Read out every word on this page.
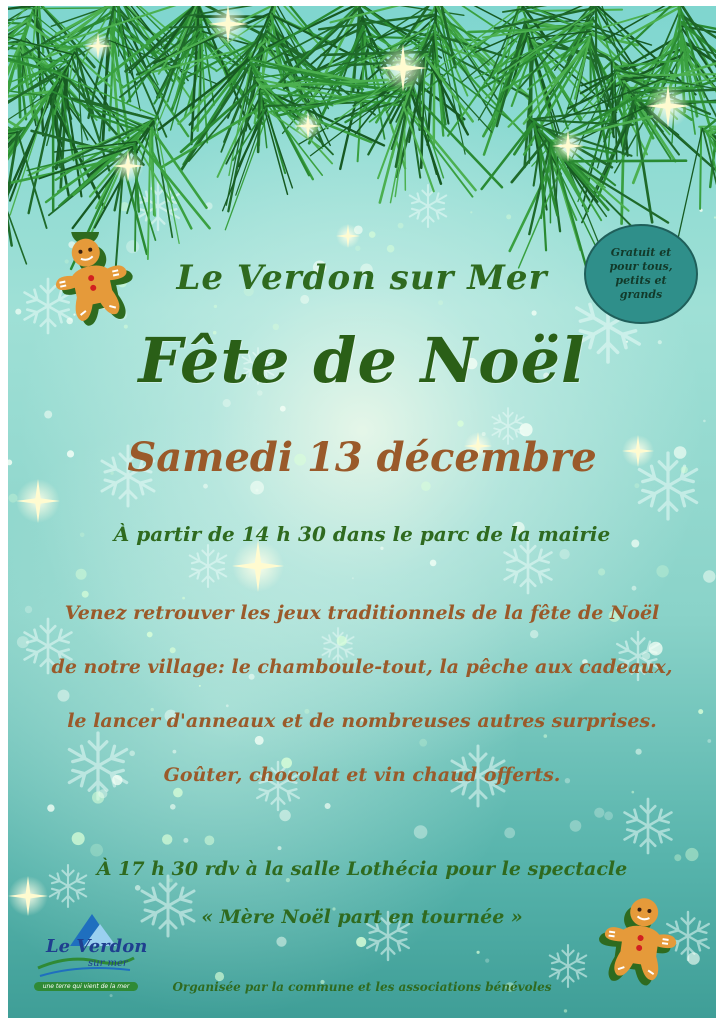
Le Verdon sur Mer
Fête de Noël
Samedi 13 décembre
À partir de 14 h 30 dans le parc de la mairie
Venez retrouver les jeux traditionnels de la fête de Noël
de notre village: le chamboule-tout, la pêche aux cadeaux,
le lancer d'anneaux et de nombreuses autres surprises.
Goûter, chocolat et vin chaud offerts.
À 17 h 30 rdv à la salle Lothécia pour le spectacle
« Mère Noël part en tournée »
Organisée par la commune et les associations bénévoles
Gratuit et pour tous, petits et grands
Le Verdon
sur mer
une terre qui vient de la mer
